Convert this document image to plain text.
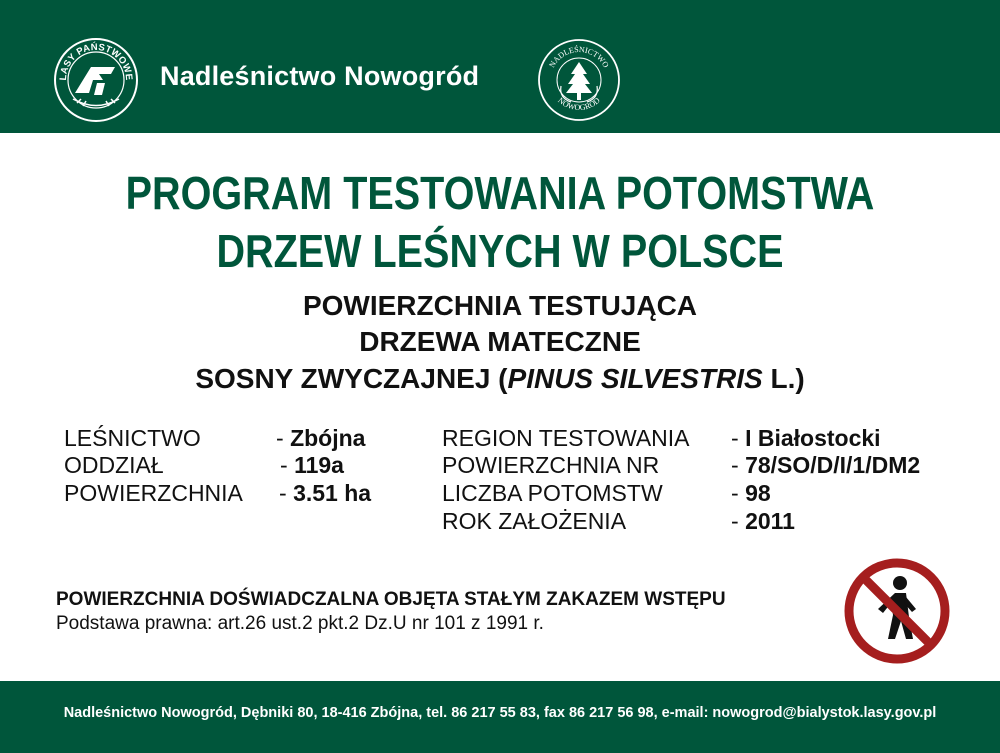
LASY PAŃSTWOWE Nadleśnictwo Nowogród	NADLEŚNICTWO
NOWOGRÓD
PROGRAM TESTOWANIA POTOMSTWA
DRZEW LEŚNYCH W POLSCE
POWIERZCHNIA TESTUJĄCA
DRZEWA MATECZNE
SOSNY ZWYCZAJNEJ (PINUS SILVESTRIS L.)
LEŚNICTWO	- Zbójna
ODDZIAŁ	- 119a
POWIERZCHNIA - 3.51 ha
REGION TESTOWANIA - I Białostocki
POWIERZCHNIA NR	- 78/SO/D/I/1/DM2
LICZBA POTOMSTW	- 98
ROK ZAŁOŻENIA	- 2011
POWIERZCHNIA DOŚWIADCZALNA OBJĘTA STAŁYM ZAKAZEM WSTĘPU
Podstawa prawna: art.26 ust.2 pkt.2 Dz.U nr 101 z 1991 r.
Nadleśnictwo Nowogród, Dębniki 80, 18-416 Zbójna, tel. 86 217 55 83, fax 86 217 56 98, e-mail: nowogrod@bialystok.lasy.gov.pl
